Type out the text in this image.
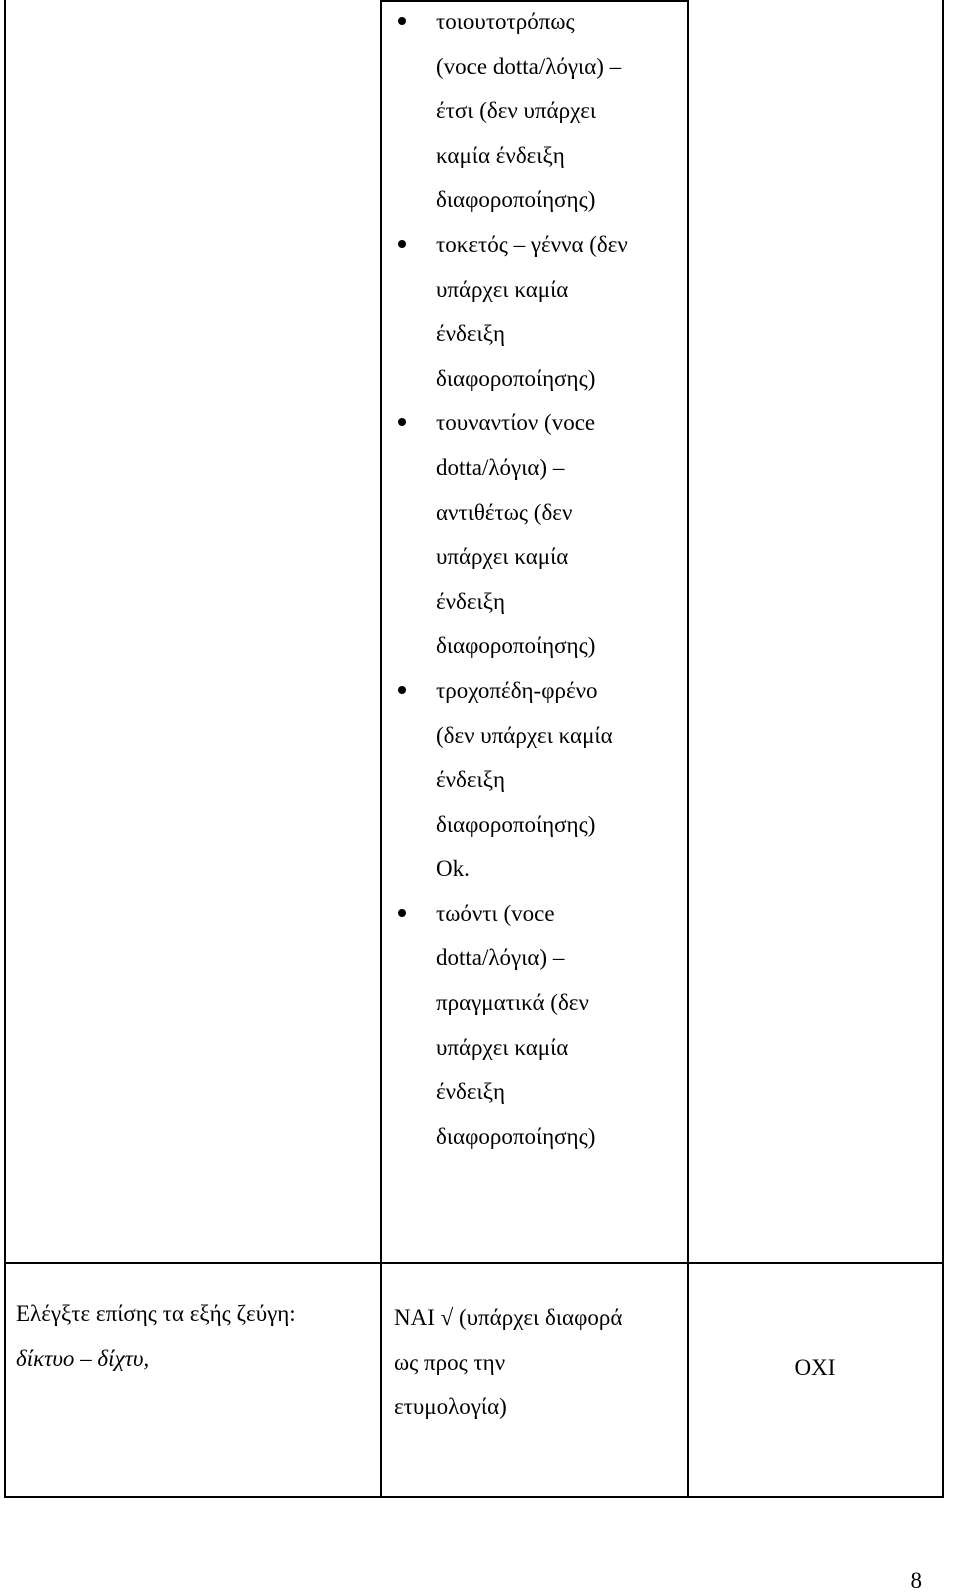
τοιουτοτρόπως
(voce dotta/λόγια) –
έτσι (δεν υπάρχει
καμία ένδειξη
διαφοροποίησης)
τοκετός – γέννα (δεν
υπάρχει καμία
ένδειξη
διαφοροποίησης)
τουναντίον (voce
dotta/λόγια) –
αντιθέτως (δεν
υπάρχει καμία
ένδειξη
διαφοροποίησης)
τροχοπέδη-φρένο
(δεν υπάρχει καμία
ένδειξη
διαφοροποίησης)
Ok.
τωόντι (voce
dotta/λόγια) –
πραγματικά (δεν
υπάρχει καμία
ένδειξη
διαφοροποίησης)
Ελέγξτε επίσης τα εξής ζεύγη:
δίκτυο – δίχτυ,
ΝΑΙ √ (υπάρχει διαφορά
ως προς την
ετυμολογία)
ΟΧΙ
8
